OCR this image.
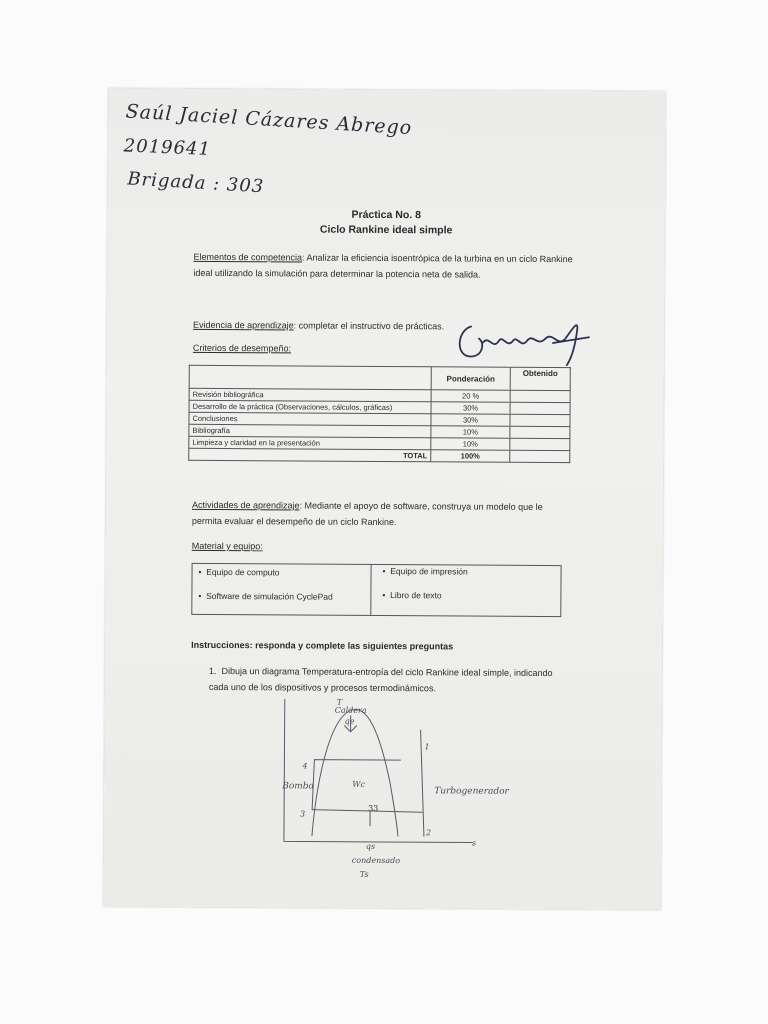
Saúl Jaciel Cázares Abrego
2019641
Brigada : 303
Práctica No. 8
Ciclo Rankine ideal simple
Elementos de competencia: Analizar la eficiencia isoentrópica de la turbina en un ciclo Rankine ideal utilizando la simulación para determinar la potencia neta de salida.
Evidencia de aprendizaje: completar el instructivo de prácticas.
Criterios de desempeño:
	Ponderación	Obtenido
Revisión bibliográfica	20 %	
Desarrollo de la práctica (Observaciones, cálculos, gráficas)	30%	
Conclusiones	30%	
Bibliografía	10%	
Limpieza y claridad en la presentación	10%	
TOTAL	100%	
Actividades de aprendizaje: Mediante el apoyo de software, construya un modelo que le permita evaluar el desempeño de un ciclo Rankine.
Material y equipo:
•  Equipo de computo	•  Equipo de impresión
•  Software de simulación CyclePad	•  Libro de texto
Instrucciones: responda y complete las siguientes preguntas
1. Dibuja un diagrama Temperatura-entropía del ciclo Rankine ideal simple, indicando cada uno de los dispositivos y procesos termodinámicos.
T
Caldera
qe
1
2
3
4
Bomba	Wc
33
Turbogenerador
s
qs
condensado
Ts
